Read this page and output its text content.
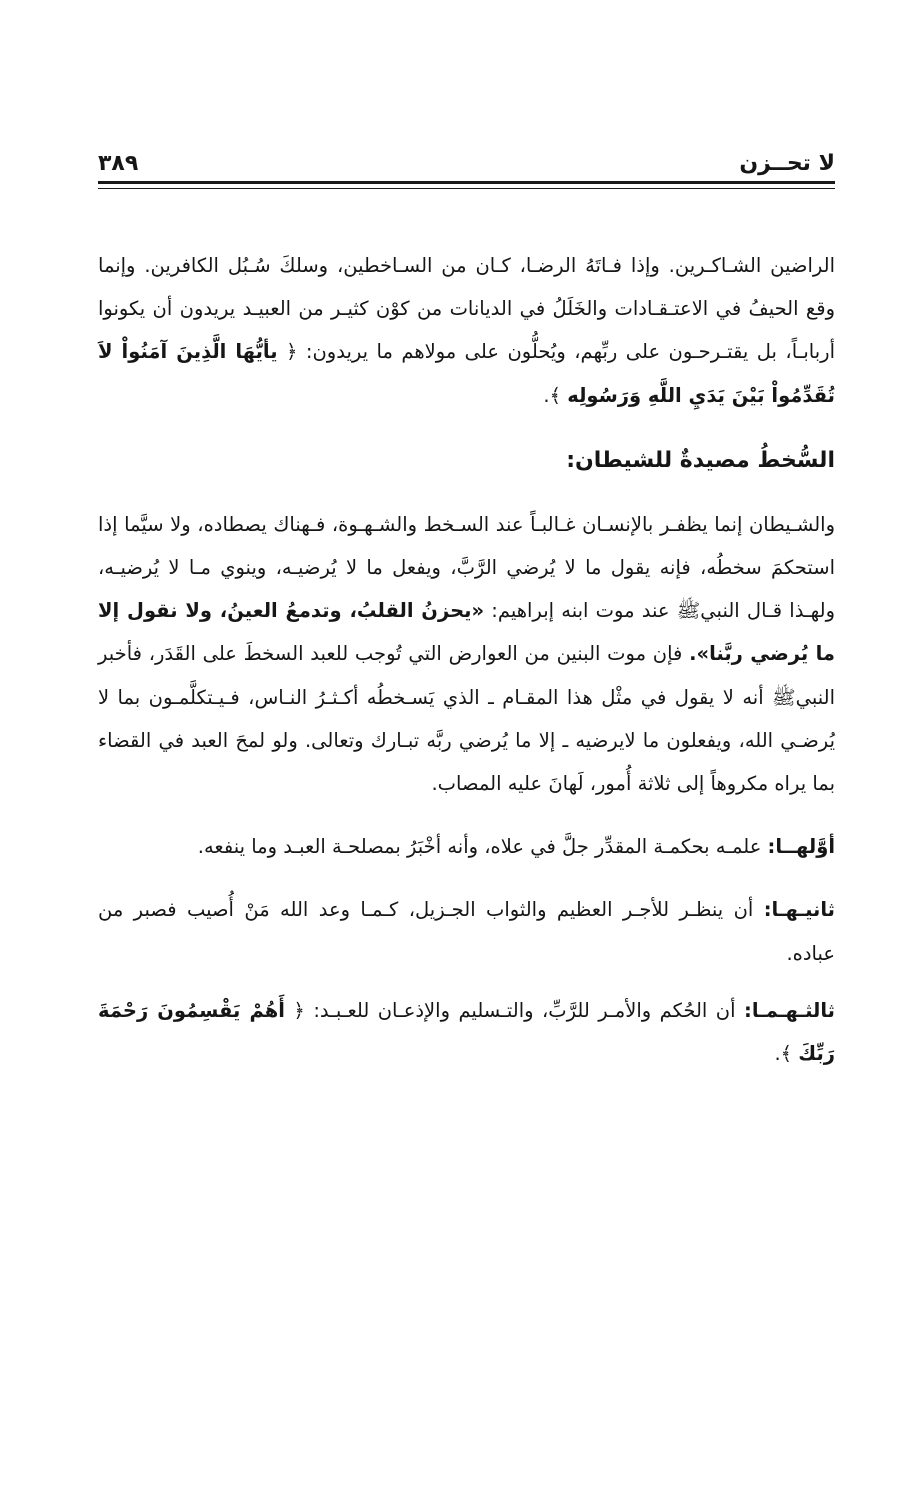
لا تحــزن
٣٨٩

الراضين الشـاكـرين. وإذا فـاتَهُ الرضـا، كـان من السـاخطين، وسلكَ سُـبُل الكافرين. وإنما وقع الحيفُ في الاعتـقـادات والخَلَلُ في الديانات من كوْن كثيـر من العبيـد يريدون أن يكونوا أربابـاً، بل يقتـرحـون على ربِّهم، ويُحلُّون على مولاهم ما يريدون: ﴿ يأيُّهَا الَّذِينَ آمَنُواْ لاَ تُقَدِّمُواْ بَيْنَ يَدَيِ اللَّهِ وَرَسُولِه ﴾.

السُّخطُ مصيدةٌ للشيطان:

والشـيطان إنما يظفـر بالإنسـان غـالبـاً عند السـخط والشـهـوة، فـهناك يصطاده، ولا سيَّما إذا استحكمَ سخطُه، فإنه يقول ما لا يُرضي الرَّبَّ، ويفعل ما لا يُرضيـه، وينوي مـا لا يُرضيـه، ولهـذا قـال النبيﷺ عند موت ابنه إبراهيم: «يحزنُ القلبُ، وتدمعُ العينُ، ولا نقول إلا ما يُرضي ربَّنا». فإن موت البنين من العوارض التي تُوجب للعبد السخطَ على القَدَر، فأخبر النبيﷺ أنه لا يقول في مثْل هذا المقـام ـ الذي يَسـخطُه أكـثـرُ النـاس، فـيـتكلَّمـون بما لا يُرضـي الله، ويفعلون ما لايرضيه ـ إلا ما يُرضي ربَّه تبـارك وتعالى. ولو لمحَ العبد في القضاء بما يراه مكروهاً إلى ثلاثة أُمور، لَهانَ عليه المصاب.

أوَّلهــا: علمـه بحكمـة المقدِّر جلَّ في علاه، وأنه أخْبَرُ بمصلحـة العبـد وما ينفعه.

ثانيـهـا: أن ينظـر للأجـر العظيم والثواب الجـزيل، كـمـا وعد الله مَنْ أُصيب فصبر من عباده.

ثالثـهـمـا: أن الحُكم والأمـر للرَّبِّ، والتـسليم والإذعـان للعـبـد: ﴿ أَهُمْ يَقْسِمُونَ رَحْمَةَ رَبِّكَ ﴾.
